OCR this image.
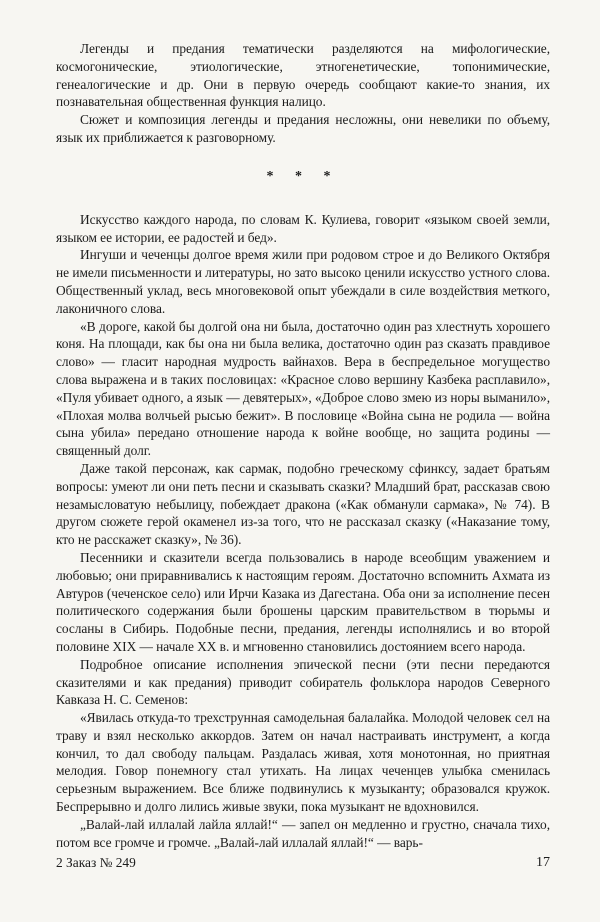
Легенды и предания тематически разделяются на мифологические, космогонические, этиологические, этногенетические, топонимические, генеалогические и др. Они в первую очередь сообщают какие-то знания, их познавательная общественная функция налицо.

Сюжет и композиция легенды и предания несложны, они невелики по объему, язык их приближается к разговорному.

* * *

Искусство каждого народа, по словам К. Кулиева, говорит «языком своей земли, языком ее истории, ее радостей и бед».

Ингуши и чеченцы долгое время жили при родовом строе и до Великого Октября не имели письменности и литературы, но зато высоко ценили искусство устного слова. Общественный уклад, весь многовековой опыт убеждали в силе воздействия меткого, лаконичного слова.

«В дороге, какой бы долгой она ни была, достаточно один раз хлестнуть хорошего коня. На площади, как бы она ни была велика, достаточно один раз сказать правдивое слово» — гласит народная мудрость вайнахов. Вера в беспредельное могущество слова выражена и в таких пословицах: «Красное слово вершину Казбека расплавило», «Пуля убивает одного, а язык — девятерых», «Доброе слово змею из норы выманило», «Плохая молва волчьей рысью бежит». В пословице «Война сына не родила — война сына убила» передано отношение народа к войне вообще, но защита родины — священный долг.

Даже такой персонаж, как сармак, подобно греческому сфинксу, задает братьям вопросы: умеют ли они петь песни и сказывать сказки? Младший брат, рассказав свою незамысловатую небылицу, побеждает дракона («Как обманули сармака», № 74). В другом сюжете герой окаменел из-за того, что не рассказал сказку («Наказание тому, кто не расскажет сказку», № 36).

Песенники и сказители всегда пользовались в народе всеобщим уважением и любовью; они приравнивались к настоящим героям. Достаточно вспомнить Ахмата из Автуров (чеченское село) или Ирчи Казака из Дагестана. Оба они за исполнение песен политического содержания были брошены царским правительством в тюрьмы и сосланы в Сибирь. Подобные песни, предания, легенды исполнялись и во второй половине XIX — начале XX в. и мгновенно становились достоянием всего народа.

Подробное описание исполнения эпической песни (эти песни передаются сказителями и как предания) приводит собиратель фольклора народов Северного Кавказа Н. С. Семенов:

«Явилась откуда-то трехструнная самодельная балалайка. Молодой человек сел на траву и взял несколько аккордов. Затем он начал настраивать инструмент, а когда кончил, то дал свободу пальцам. Раздалась живая, хотя монотонная, но приятная мелодия. Говор понемногу стал утихать. На лицах чеченцев улыбка сменилась серьезным выражением. Все ближе подвинулись к музыканту; образовался кружок. Беспрерывно и долго лились живые звуки, пока музыкант не вдохновился.

„Валай-лай иллалай лайла яллай!“ — запел он медленно и грустно, сначала тихо, потом все громче и громче. „Валай-лай иллалай яллай!“ — варь-

2 Заказ № 249	17
